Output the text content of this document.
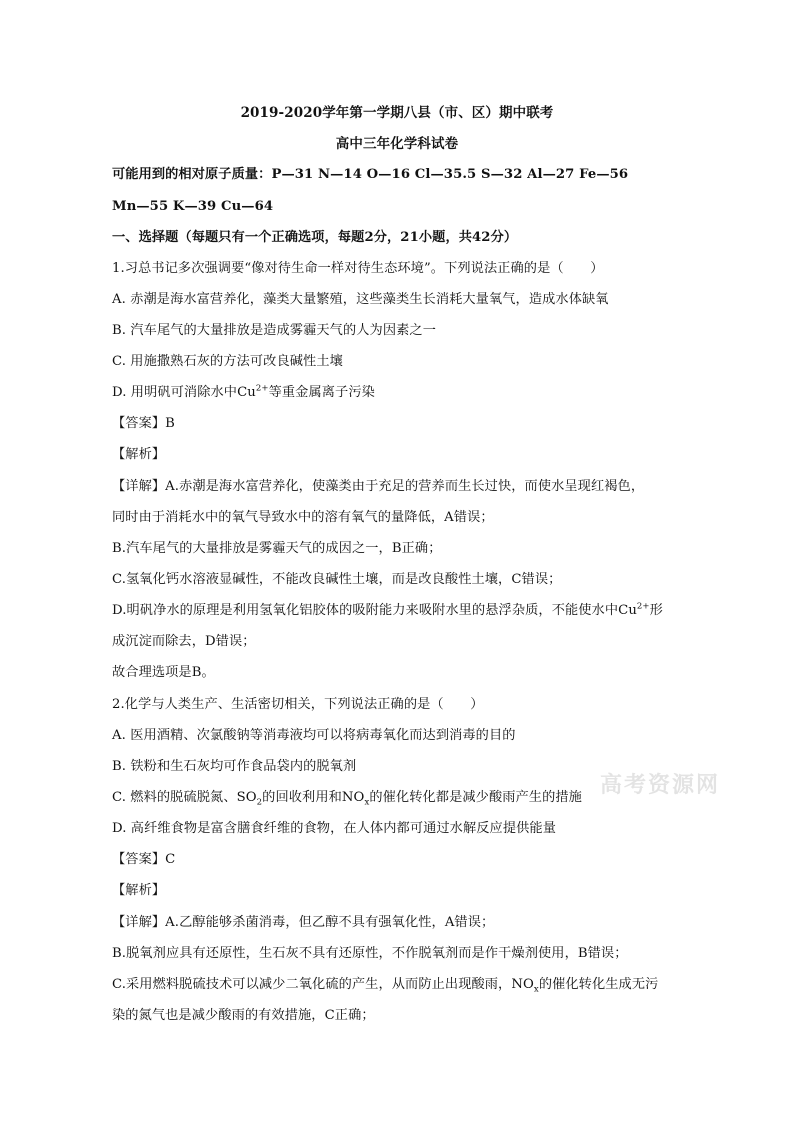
2019-2020学年第一学期八县（市、区）期中联考
高中三年化学科试卷
可能用到的相对原子质量：P—31 N—14 O—16 Cl—35.5 S—32 Al—27 Fe—56
Mn—55 K—39 Cu—64
一、选择题（每题只有一个正确选项，每题2分，21小题，共42分）
1.习总书记多次强调要“像对待生命一样对待生态环境”。下列说法正确的是（　　）
A. 赤潮是海水富营养化，藻类大量繁殖，这些藻类生长消耗大量氧气，造成水体缺氧
B. 汽车尾气的大量排放是造成雾霾天气的人为因素之一
C. 用施撒熟石灰的方法可改良碱性土壤
D. 用明矾可消除水中$Cu^{2+}$等重金属离子污染
【答案】B
【解析】
【详解】A.赤潮是海水富营养化，使藻类由于充足的营养而生长过快，而使水呈现红褐色，
同时由于消耗水中的氧气导致水中的溶有氧气的量降低，A错误；
B.汽车尾气的大量排放是雾霾天气的成因之一，B正确；
C.氢氧化钙水溶液显碱性，不能改良碱性土壤，而是改良酸性土壤，C错误；
D.明矾净水的原理是利用氢氧化铝胶体的吸附能力来吸附水里的悬浮杂质，不能使水中$Cu^{2+}$形
成沉淀而除去，D错误；
故合理选项是B。
2.化学与人类生产、生活密切相关，下列说法正确的是（　　）
A. 医用酒精、次氯酸钠等消毒液均可以将病毒氧化而达到消毒的目的
B. 铁粉和生石灰均可作食品袋内的脱氧剂
C. 燃料的脱硫脱氮、$SO_2$的回收利用和$NO_x$的催化转化都是减少酸雨产生的措施
D. 高纤维食物是富含膳食纤维的食物，在人体内都可通过水解反应提供能量
【答案】C
【解析】
【详解】A.乙醇能够杀菌消毒，但乙醇不具有强氧化性，A错误；
B.脱氧剂应具有还原性，生石灰不具有还原性，不作脱氧剂而是作干燥剂使用，B错误；
C.采用燃料脱硫技术可以减少二氧化硫的产生，从而防止出现酸雨，$NO_x$的催化转化生成无污
染的氮气也是减少酸雨的有效措施，C正确；
高考资源网
